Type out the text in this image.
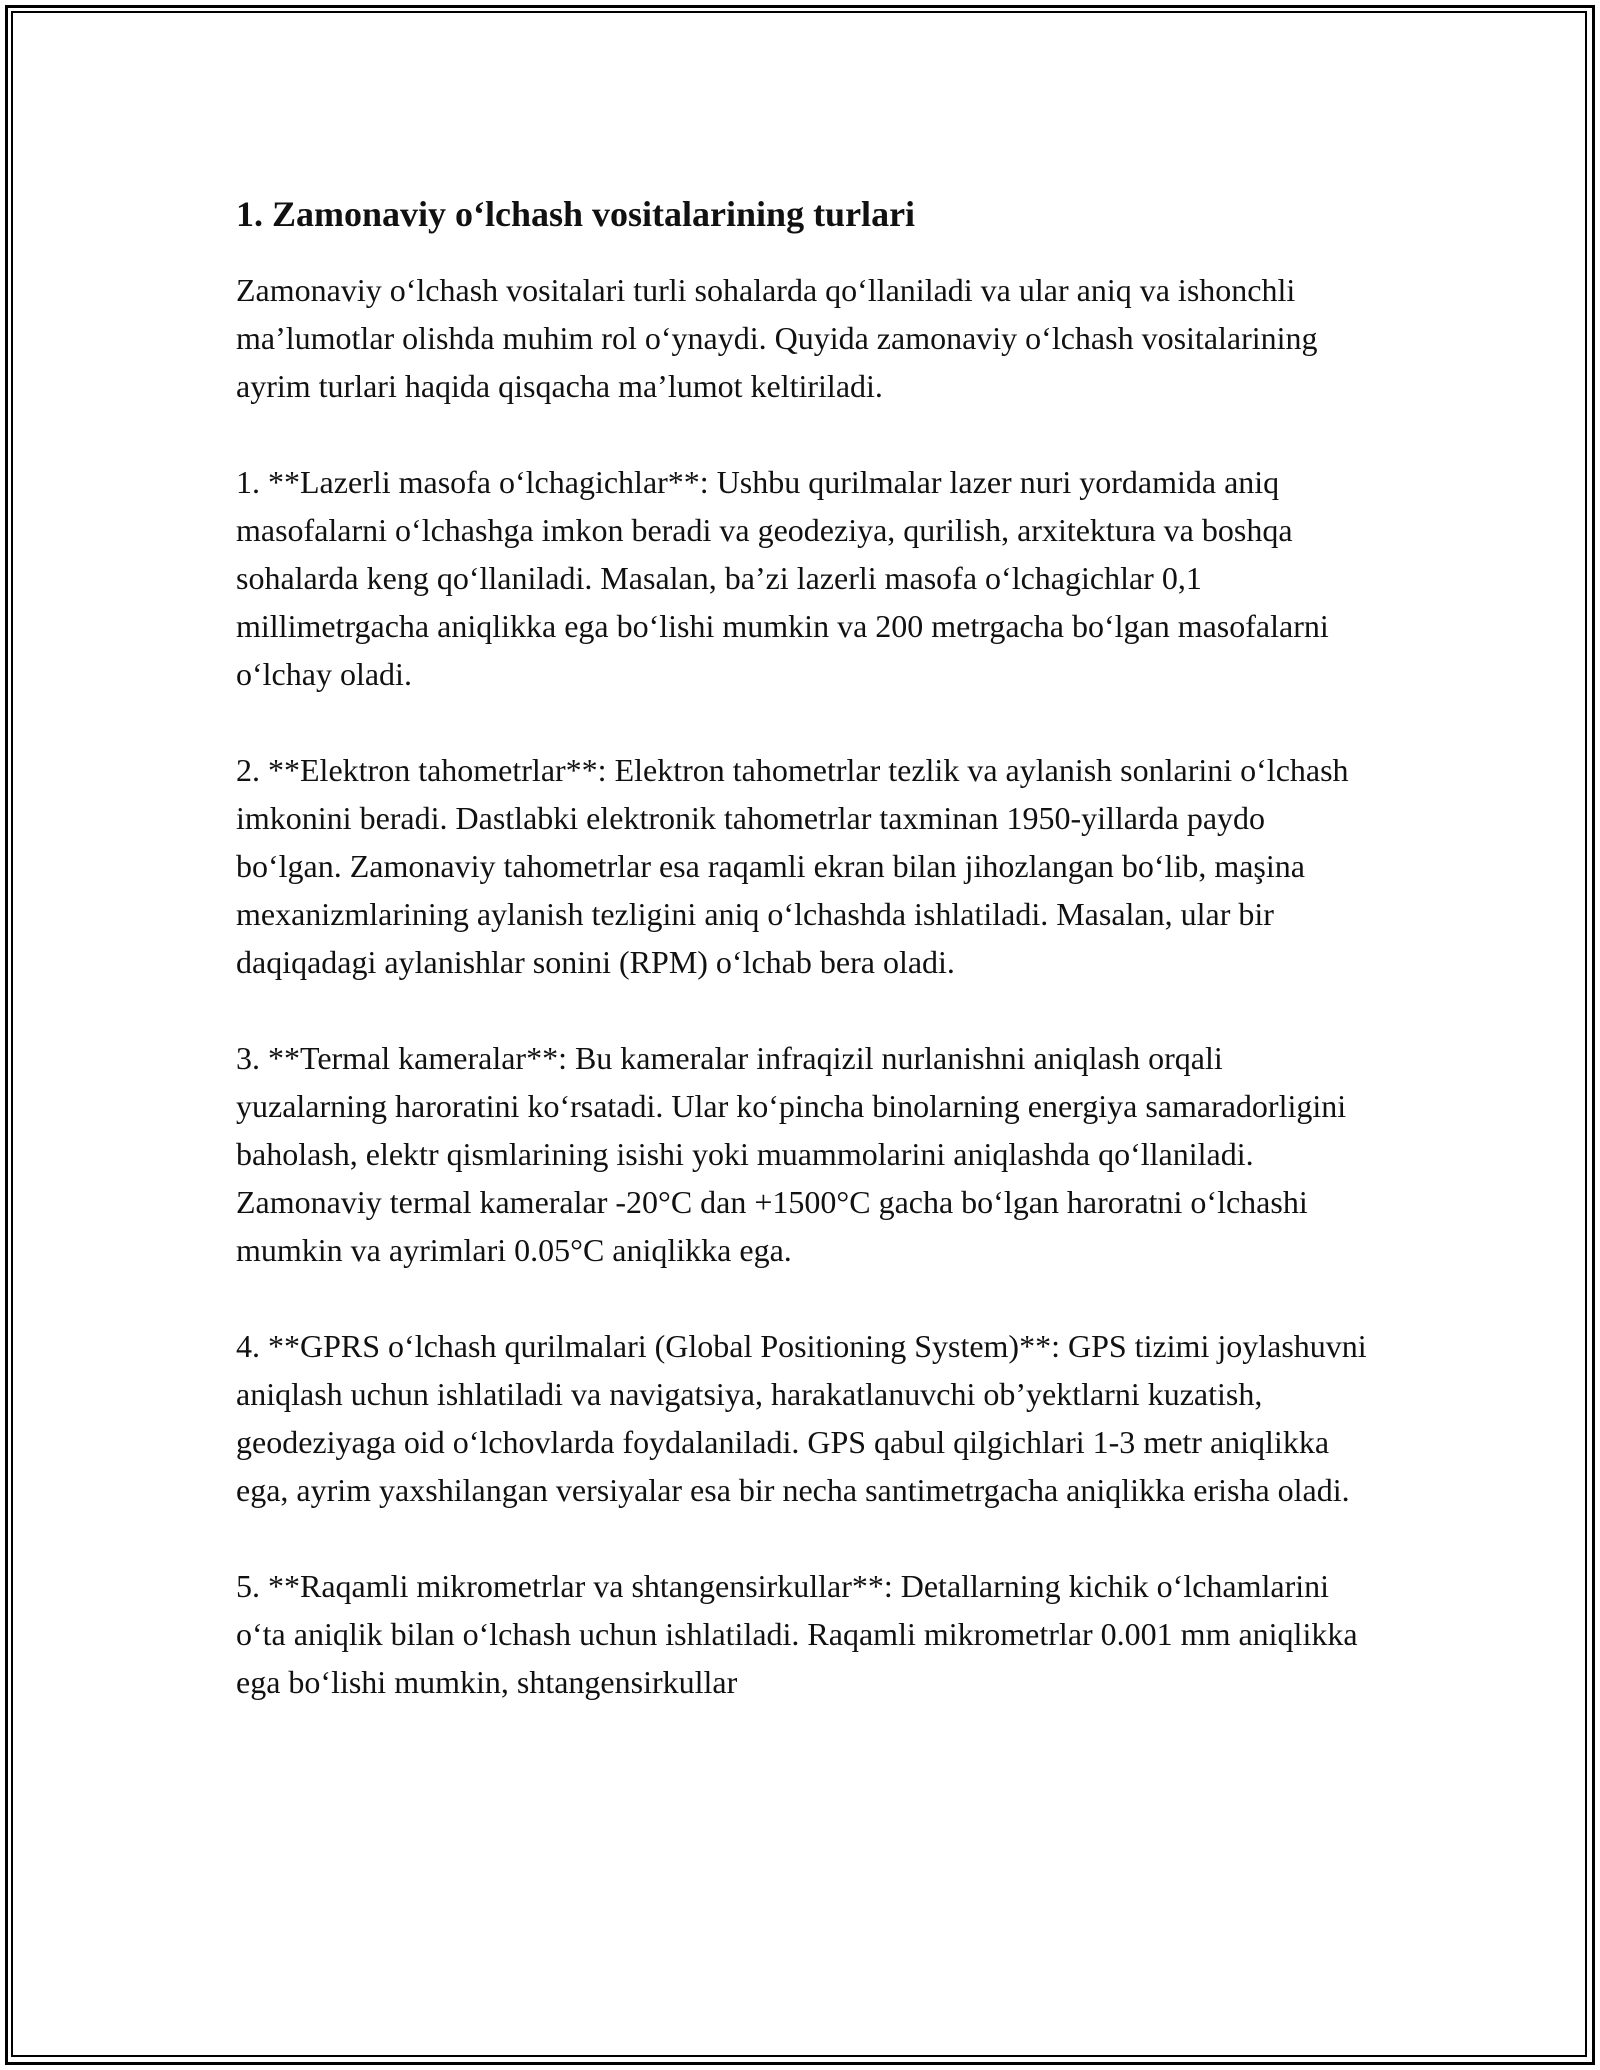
1. Zamonaviy o‘lchash vositalarining turlari

Zamonaviy o‘lchash vositalari turli sohalarda qo‘llaniladi va ular aniq va ishonchli ma’lumotlar olishda muhim rol o‘ynaydi. Quyida zamonaviy o‘lchash vositalarining ayrim turlari haqida qisqacha ma’lumot keltiriladi.

1. **Lazerli masofa o‘lchagichlar**: Ushbu qurilmalar lazer nuri yordamida aniq masofalarni o‘lchashga imkon beradi va geodeziya, qurilish, arxitektura va boshqa sohalarda keng qo‘llaniladi. Masalan, ba’zi lazerli masofa o‘lchagichlar 0,1 millimetrgacha aniqlikka ega bo‘lishi mumkin va 200 metrgacha bo‘lgan masofalarni o‘lchay oladi.

2. **Elektron tahometrlar**: Elektron tahometrlar tezlik va aylanish sonlarini o‘lchash imkonini beradi. Dastlabki elektronik tahometrlar taxminan 1950-yillarda paydo bo‘lgan. Zamonaviy tahometrlar esa raqamli ekran bilan jihozlangan bo‘lib, maşina mexanizmlarining aylanish tezligini aniq o‘lchashda ishlatiladi. Masalan, ular bir daqiqadagi aylanishlar sonini (RPM) o‘lchab bera oladi.

3. **Termal kameralar**: Bu kameralar infraqizil nurlanishni aniqlash orqali yuzalarning haroratini ko‘rsatadi. Ular ko‘pincha binolarning energiya samaradorligini baholash, elektr qismlarining isishi yoki muammolarini aniqlashda qo‘llaniladi. Zamonaviy termal kameralar -20°C dan +1500°C gacha bo‘lgan haroratni o‘lchashi mumkin va ayrimlari 0.05°C aniqlikka ega.

4. **GPRS o‘lchash qurilmalari (Global Positioning System)**: GPS tizimi joylashuvni aniqlash uchun ishlatiladi va navigatsiya, harakatlanuvchi ob’yektlarni kuzatish, geodeziyaga oid o‘lchovlarda foydalaniladi. GPS qabul qilgichlari 1-3 metr aniqlikka ega, ayrim yaxshilangan versiyalar esa bir necha santimetrgacha aniqlikka erisha oladi.

5. **Raqamli mikrometrlar va shtangensirkullar**: Detallarning kichik o‘lchamlarini o‘ta aniqlik bilan o‘lchash uchun ishlatiladi. Raqamli mikrometrlar 0.001 mm aniqlikka ega bo‘lishi mumkin, shtangensirkullar
